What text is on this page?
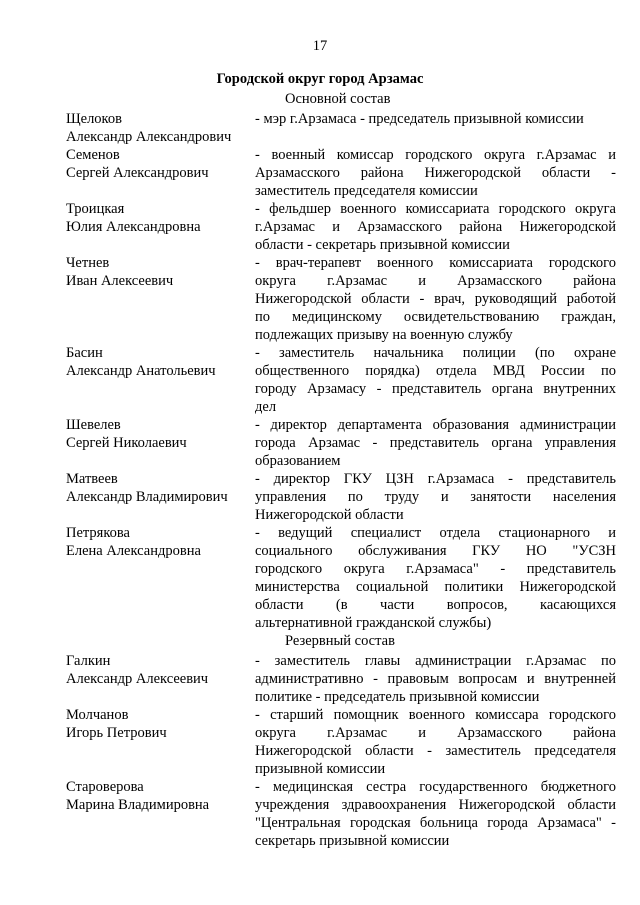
17
Городской округ город Арзамас
Основной состав
Щелоков
Александр Александрович
- мэр г.Арзамаса - председатель призывной комиссии
Семенов
Сергей Александрович
- военный комиссар городского округа г.Арзамас и
Арзамасского района Нижегородской области -
заместитель председателя комиссии
Троицкая
Юлия Александровна
- фельдшер военного комиссариата городского округа
г.Арзамас и Арзамасского района Нижегородской
области - секретарь призывной комиссии
Четнев
Иван Алексеевич
- врач-терапевт военного комиссариата городского
округа г.Арзамас и Арзамасского района
Нижегородской области - врач, руководящий работой
по медицинскому освидетельствованию граждан,
подлежащих призыву на военную службу
Басин
Александр Анатольевич
- заместитель начальника полиции (по охране
общественного порядка) отдела МВД России по
городу Арзамасу - представитель органа внутренних
дел
Шевелев
Сергей Николаевич
- директор департамента образования администрации
города Арзамас - представитель органа управления
образованием
Матвеев
Александр Владимирович
- директор ГКУ ЦЗН г.Арзамаса - представитель
управления по труду и занятости населения
Нижегородской области
Петрякова
Елена Александровна
- ведущий специалист отдела стационарного и
социального обслуживания ГКУ НО "УСЗН
городского округа г.Арзамаса" - представитель
министерства социальной политики Нижегородской
области (в части вопросов, касающихся
альтернативной гражданской службы)
Резервный состав
Галкин
Александр Алексеевич
- заместитель главы администрации г.Арзамас по
административно - правовым вопросам и внутренней
политике - председатель призывной комиссии
Молчанов
Игорь Петрович
- старший помощник военного комиссара городского
округа г.Арзамас и Арзамасского района
Нижегородской области - заместитель председателя
призывной комиссии
Староверова
Марина Владимировна
- медицинская сестра государственного бюджетного
учреждения здравоохранения Нижегородской области
"Центральная городская больница города Арзамаса" -
секретарь призывной комиссии
